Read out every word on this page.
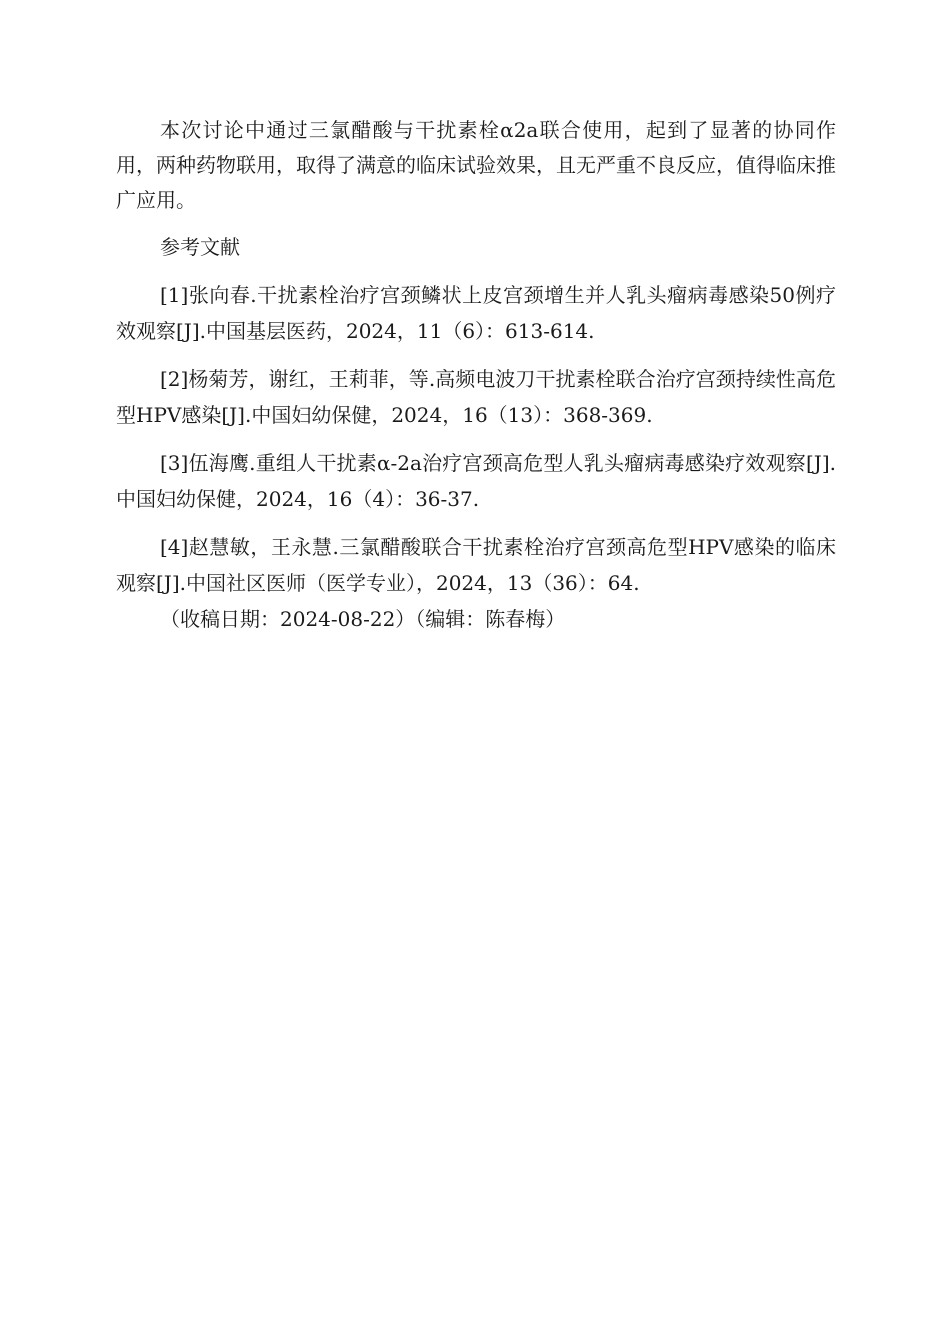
本次讨论中通过三氯醋酸与干扰素栓α2a联合使用，起到了显著的协同作用，两种药物联用，取得了满意的临床试验效果，且无严重不良反应，值得临床推广应用。

参考文献

[1]张向春.干扰素栓治疗宫颈鳞状上皮宫颈增生并人乳头瘤病毒感染50例疗效观察[J].中国基层医药，2024，11（6）：613-614.

[2]杨菊芳，谢红，王莉菲，等.高频电波刀干扰素栓联合治疗宫颈持续性高危型HPV感染[J].中国妇幼保健，2024，16（13）：368-369.

[3]伍海鹰.重组人干扰素α-2a治疗宫颈高危型人乳头瘤病毒感染疗效观察[J].中国妇幼保健，2024，16（4）：36-37.

[4]赵慧敏，王永慧.三氯醋酸联合干扰素栓治疗宫颈高危型HPV感染的临床观察[J].中国社区医师（医学专业），2024，13（36）：64.

（收稿日期：2024-08-22）（编辑：陈春梅）
